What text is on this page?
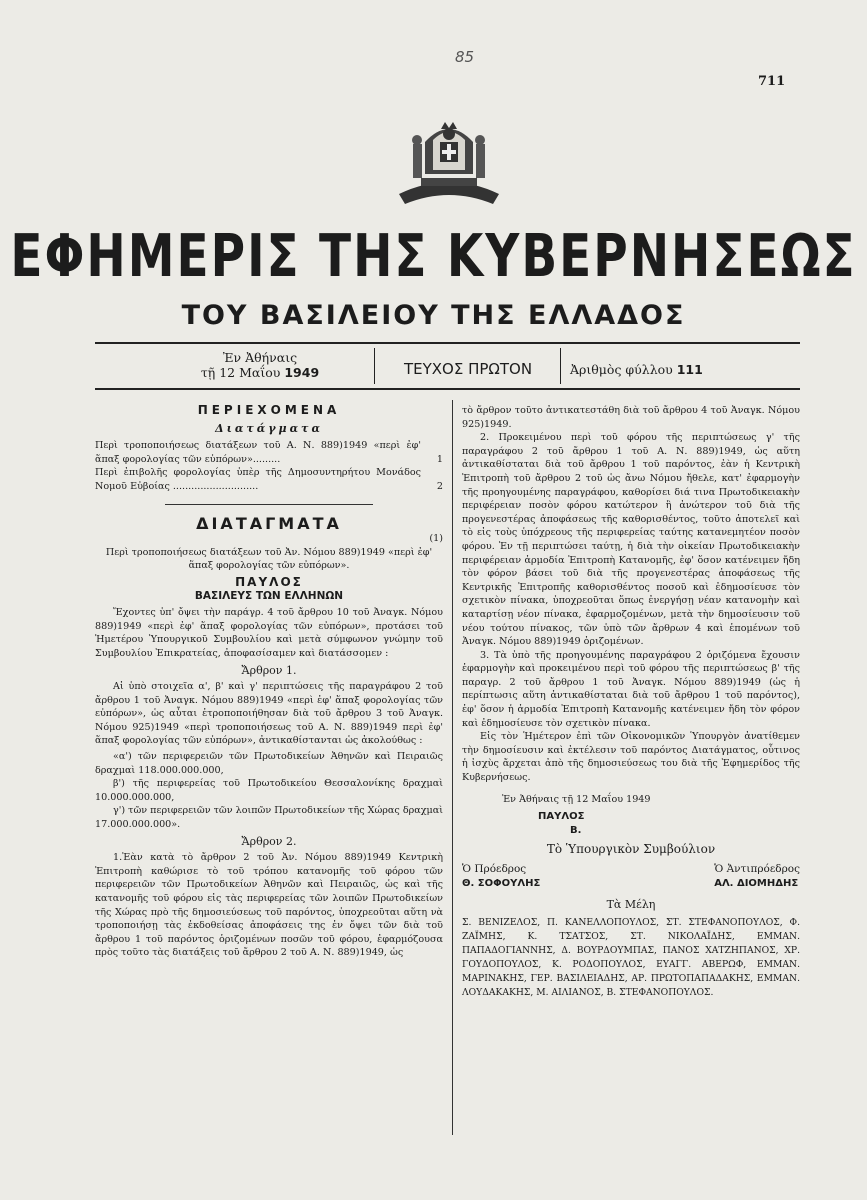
85
711
ΕΦΗΜΕΡΙΣ ΤΗΣ ΚΥΒΕΡΝΗΣΕΩΣ
ΤΟΥ ΒΑΣΙΛΕΙΟΥ ΤΗΣ ΕΛΛΑΔΟΣ
Ἐν Ἀθήναις
τῇ 12 Μαΐου 1949	ΤΕΥΧΟΣ ΠΡΩΤΟΝ	Ἀριθμὸς φύλλου 111

ΠΕΡΙΕΧΟΜΕΝΑ

Διατάγματα

Περὶ τροποποιήσεως διατάξεων τοῦ Α. Ν. 889)1949 «περὶ ἐφ' ἅπαξ φορολογίας τῶν εὐπόρων».........	1

Περὶ ἐπιβολῆς φορολογίας ὑπὲρ τῆς Δημοσυντηρήτου Μονάδος Νομοῦ Εὐβοίας ............................	2

ΔΙΑΤΑΓΜΑΤΑ

(1)

Περὶ τροποποιήσεως διατάξεων τοῦ Ἀν. Νόμου 889)1949 «περὶ ἐφ' ἅπαξ φορολογίας τῶν εὐπόρων».

ΠΑΥΛΟΣ

ΒΑΣΙΛΕΥΣ ΤΩΝ ΕΛΛΗΝΩΝ

Ἔχοντες ὑπ' ὄψει τὴν παράγρ. 4 τοῦ ἄρθρου 10 τοῦ Ἀναγκ. Νόμου 889)1949 «περὶ ἐφ' ἅπαξ φορολογίας τῶν εὐπόρων», προτάσει τοῦ Ἡμετέρου Ὑπουργικοῦ Συμβουλίου καὶ μετὰ σύμφωνον γνώμην τοῦ Συμβουλίου Ἐπικρατείας, ἀποφασίσαμεν καὶ διατάσσομεν :

Ἄρθρον 1.

Αἱ ὑπὸ στοιχεῖα α', β' καὶ γ' περιπτώσεις τῆς παραγράφου 2 τοῦ ἄρθρου 1 τοῦ Ἀναγκ. Νόμου 889)1949 «περὶ ἐφ' ἅπαξ φορολογίας τῶν εὐπόρων», ὡς αὗται ἐτροποποιήθησαν διὰ τοῦ ἄρθρου 3 τοῦ Ἀναγκ. Νόμου 925)1949 «περὶ τροποποιήσεως τοῦ Α. Ν. 889)1949 περὶ ἐφ' ἅπαξ φορολογίας τῶν εὐπόρων», ἀντικαθίστανται ὡς ἀκολούθως :

«α') τῶν περιφερειῶν τῶν Πρωτοδικείων Ἀθηνῶν καὶ Πειραιῶς δραχμαὶ 118.000.000.000,

β') τῆς περιφερείας τοῦ Πρωτοδικείου Θεσσαλονίκης δραχμαὶ 10.000.000.000,

γ') τῶν περιφερειῶν τῶν λοιπῶν Πρωτοδικείων τῆς Χώρας δραχμαὶ 17.000.000.000».

Ἄρθρον 2.

1.Ἐὰν κατὰ τὸ ἄρθρον 2 τοῦ Ἀν. Νόμου 889)1949 Κεντρικὴ Ἐπιτροπὴ καθώρισε τὸ τοῦ τρόπου κατανομῆς τοῦ φόρου τῶν περιφερειῶν τῶν Πρωτοδικείων Ἀθηνῶν καὶ Πειραιῶς, ὡς καὶ τῆς κατανομῆς τοῦ φόρου εἰς τὰς περιφερείας τῶν λοιπῶν Πρωτοδικείων τῆς Χώρας πρὸ τῆς δημοσιεύσεως τοῦ παρόντος, ὑποχρεοῦται αὕτη νὰ τροποποιήσῃ τὰς ἐκδοθείσας ἀποφάσεις της ἐν ὄψει τῶν διὰ τοῦ ἄρθρου 1 τοῦ παρόντος ὁριζομένων ποσῶν τοῦ φόρου, ἐφαρμόζουσα πρὸς τοῦτο τὰς διατάξεις τοῦ ἄρθρου 2 τοῦ Α. Ν. 889)1949, ὡς

τὸ ἄρθρον τοῦτο ἀντικατεστάθη διὰ τοῦ ἄρθρου 4 τοῦ Ἀναγκ. Νόμου 925)1949.

2. Προκειμένου περὶ τοῦ φόρου τῆς περιπτώσεως γ' τῆς παραγράφου 2 τοῦ ἄρθρου 1 τοῦ Α. Ν. 889)1949, ὡς αὕτη ἀντικαθίσταται διὰ τοῦ ἄρθρου 1 τοῦ παρόντος, ἐὰν ἡ Κεντρικὴ Ἐπιτροπὴ τοῦ ἄρθρου 2 τοῦ ὡς ἄνω Νόμου ἤθελε, κατ' ἐφαρμογὴν τῆς προηγουμένης παραγράφου, καθορίσει διά τινα Πρωτοδικειακὴν περιφέρειαν ποσὸν φόρου κατώτερον ἢ ἀνώτερον τοῦ διὰ τῆς προγενεστέρας ἀποφάσεως τῆς καθορισθέντος, τοῦτο ἀποτελεῖ καὶ τὸ εἰς τοὺς ὑπόχρεους τῆς περιφερείας ταύτης κατανεμητέον ποσὸν φόρου. Ἐν τῇ περιπτώσει ταύτῃ, ἡ διὰ τὴν οἰκείαν Πρωτοδικειακὴν περιφέρειαν ἁρμοδία Ἐπιτροπὴ Κατανομῆς, ἐφ' ὅσον κατένειμεν ἤδη τὸν φόρον βάσει τοῦ διὰ τῆς προγενεστέρας ἀποφάσεως τῆς Κεντρικῆς Ἐπιτροπῆς καθορισθέντος ποσοῦ καὶ ἐδημοσίευσε τὸν σχετικὸν πίνακα, ὑποχρεοῦται ὅπως ἐνεργήσῃ νέαν κατανομὴν καὶ καταρτίσῃ νέον πίνακα, ἐφαρμοζομένων, μετὰ τὴν δημοσίευσιν τοῦ νέου τούτου πίνακος, τῶν ὑπὸ τῶν ἄρθρων 4 καὶ ἑπομένων τοῦ Ἀναγκ. Νόμου 889)1949 ὁριζομένων.

3. Τὰ ὑπὸ τῆς προηγουμένης παραγράφου 2 ὁριζόμενα ἔχουσιν ἐφαρμογὴν καὶ προκειμένου περὶ τοῦ φόρου τῆς περιπτώσεως β' τῆς παραγρ. 2 τοῦ ἄρθρου 1 τοῦ Ἀναγκ. Νόμου 889)1949 (ὡς ἡ περίπτωσις αὕτη ἀντικαθίσταται διὰ τοῦ ἄρθρου 1 τοῦ παρόντος), ἐφ' ὅσον ἡ ἁρμοδία Ἐπιτροπὴ Κατανομῆς κατένειμεν ἤδη τὸν φόρον καὶ ἐδημοσίευσε τὸν σχετικὸν πίνακα.

Εἰς τὸν Ἡμέτερον ἐπὶ τῶν Οἰκονομικῶν Ὑπουργὸν ἀνατίθεμεν τὴν δημοσίευσιν καὶ ἐκτέλεσιν τοῦ παρόντος Διατάγματος, οὗτινος ἡ ἰσχὺς ἄρχεται ἀπὸ τῆς δημοσιεύσεως του διὰ τῆς Ἐφημερίδος τῆς Κυβερνήσεως.

Ἐν Ἀθήναις τῇ 12 Μαΐου 1949

ΠΑΥΛΟΣ

Β.

Τὸ Ὑπουργικὸν Συμβούλιον

Ὁ Πρόεδρος

Θ. ΣΟΦΟΥΛΗΣ

Ὁ Ἀντιπρόεδρος

ΑΛ. ΔΙΟΜΗΔΗΣ

Τὰ Μέλη

Σ. ΒΕΝΙΖΕΛΟΣ, Π. ΚΑΝΕΛΛΟΠΟΥΛΟΣ, ΣΤ. ΣΤΕΦΑΝΟΠΟΥΛΟΣ, Φ. ΖΑΪΜΗΣ, Κ. ΤΣΑΤΣΟΣ, ΣΤ. ΝΙΚΟΛΑΪΔΗΣ, ΕΜΜΑΝ. ΠΑΠΑΔΟΓΙΑΝΝΗΣ, Δ. ΒΟΥΡΔΟΥΜΠΑΣ, ΠΑΝΟΣ ΧΑΤΖΗΠΑΝΟΣ, ΧΡ. ΓΟΥΔΟΠΟΥΛΟΣ, Κ. ΡΟΔΟΠΟΥΛΟΣ, ΕΥΑΓΓ. ΑΒΕΡΩΦ, ΕΜΜΑΝ. ΜΑΡΙΝΑΚΗΣ, ΓΕΡ. ΒΑΣΙΛΕΙΑΔΗΣ, ΑΡ. ΠΡΩΤΟΠΑΠΑΔΑΚΗΣ, ΕΜΜΑΝ. ΛΟΥΔΑΚΑΚΗΣ, Μ. ΑΙΛΙΑΝΟΣ, Β. ΣΤΕΦΑΝΟΠΟΥΛΟΣ.
